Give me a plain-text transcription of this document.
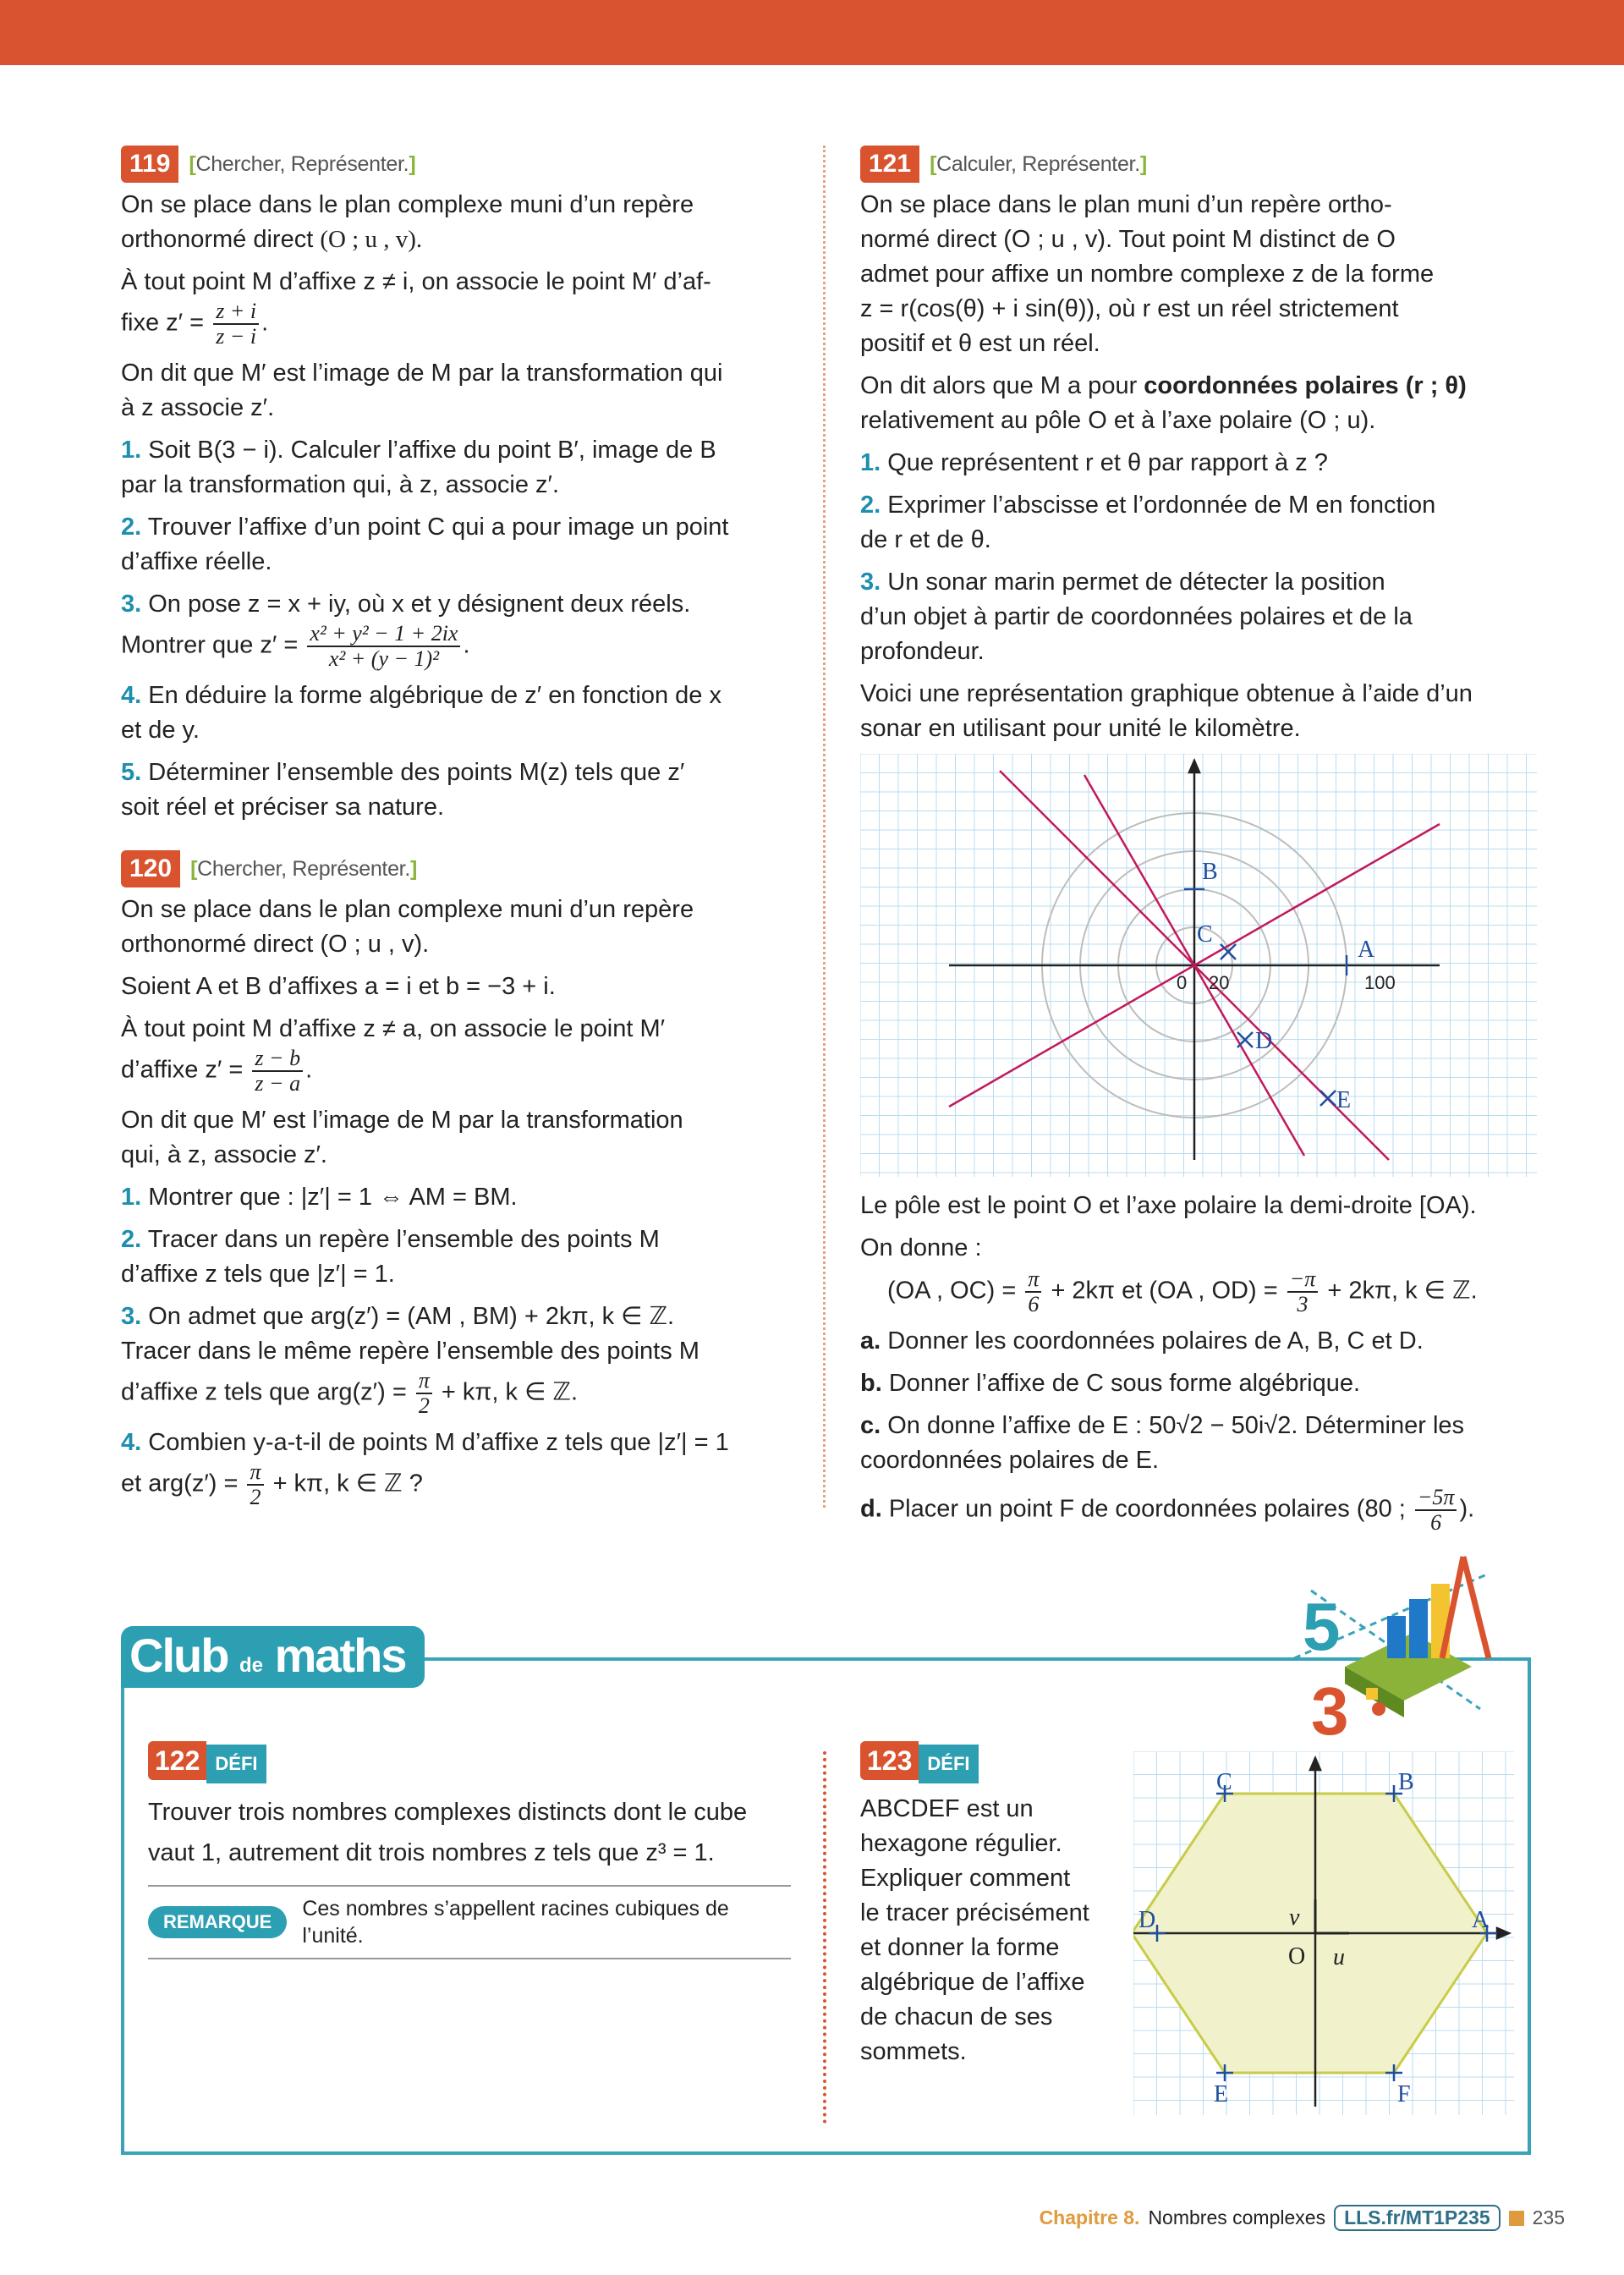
119 [Chercher, Représenter.]

On se place dans le plan complexe muni d’un repère
orthonormé direct (O ; u , v).

À tout point M d’affixe z ≠ i, on associe le point M′ d’af-
fixe $z' = \frac{z + i}{z - i}$ .

On dit que M′ est l’image de M par la transformation qui
à z associe z′.

1. Soit B(3 − i). Calculer l’affixe du point B′, image de B
par la transformation qui, à z, associe z′.

2. Trouver l’affixe d’un point C qui a pour image un point
d’affixe réelle.

3. On pose z = x + iy, où x et y désignent deux réels.
Montrer que $z' = \frac{\text{x² + y² − 1 + 2ix}}{\text{x² + (y − 1)²}}$ .

4. En déduire la forme algébrique de z′ en fonction de x
et de y.

5. Déterminer l’ensemble des points M(z) tels que z′
soit réel et préciser sa nature.

120 [Chercher, Représenter.]

On se place dans le plan complexe muni d’un repère
orthonormé direct (O ; u , v).

Soient A et B d’affixes a = i et b = −3 + i.

À tout point M d’affixe z ≠ a, on associe le point M′
d’affixe $z' = \frac{z - b}{z - a}$ .

On dit que M′ est l’image de M par la transformation
qui, à z, associe z′.

1. Montrer que : |z′| = 1 ⇔ AM = BM.

2. Tracer dans un repère l’ensemble des points M
d’affixe z tels que |z′| = 1.

3. On admet que arg(z′) = (AM , BM) + 2kπ, k ∈ ℤ.
Tracer dans le même repère l’ensemble des points M
d’affixe z tels que $arg(z') = \frac{\pi}{2} + k\pi$, k ∈ ℤ.

4. Combien y-a-t-il de points M d’affixe z tels que |z′| = 1
et $arg(z') = \frac{\pi}{2} + k\pi$, k ∈ ℤ ?

121 [Calculer, Représenter.]

On se place dans le plan muni d’un repère ortho-
normé direct (O ; u , v). Tout point M distinct de O
admet pour affixe un nombre complexe z de la forme
z = r(cos(θ) + i sin(θ)), où r est un réel strictement
positif et θ est un réel.

On dit alors que M a pour coordonnées polaires (r ; θ)
relativement au pôle O et à l’axe polaire (O ; u).

1. Que représentent r et θ par rapport à z ?

2. Exprimer l’abscisse et l’ordonnée de M en fonction
de r et de θ.

3. Un sonar marin permet de détecter la position
d’un objet à partir de coordonnées polaires et de la
profondeur.

Voici une représentation graphique obtenue à l’aide d’un
sonar en utilisant pour unité le kilomètre.

A
B
C
D
E
0 20	100

Le pôle est le point O et l’axe polaire la demi-droite [OA).

On donne :

(OA , $OC) = \frac{\pi}{6} + 2k\pi$ et (OA , $OD) = \frac{-\pi}{3} + 2k\pi$, k ∈ ℤ.

a. Donner les coordonnées polaires de A, B, C et D.

b. Donner l’affixe de C sous forme algébrique.

c. On donne l’affixe de E : 50√2 − 50i√2. Déterminer les
coordonnées polaires de E.

d. Placer un point F de coordonnées polaires (80 ; $\frac{-5\pi}{6}$ ).

Club de maths	5
3
122 DÉFI
Trouver trois nombres complexes distincts dont le cube
vaut 1, autrement dit trois nombres z tels que z³ = 1.
REMARQUE
Ces nombres s’appellent racines cubiques de l’unité.
123 DÉFI
ABCDEF est un
hexagone régulier.
Expliquer comment
le tracer précisément
et donner la forme
algébrique de l’affixe
de chacun de ses
sommets.
A
B
C
D
E	F
O u
v
Chapitre 8. Nombres complexes LLS.fr/MT1P235	235
